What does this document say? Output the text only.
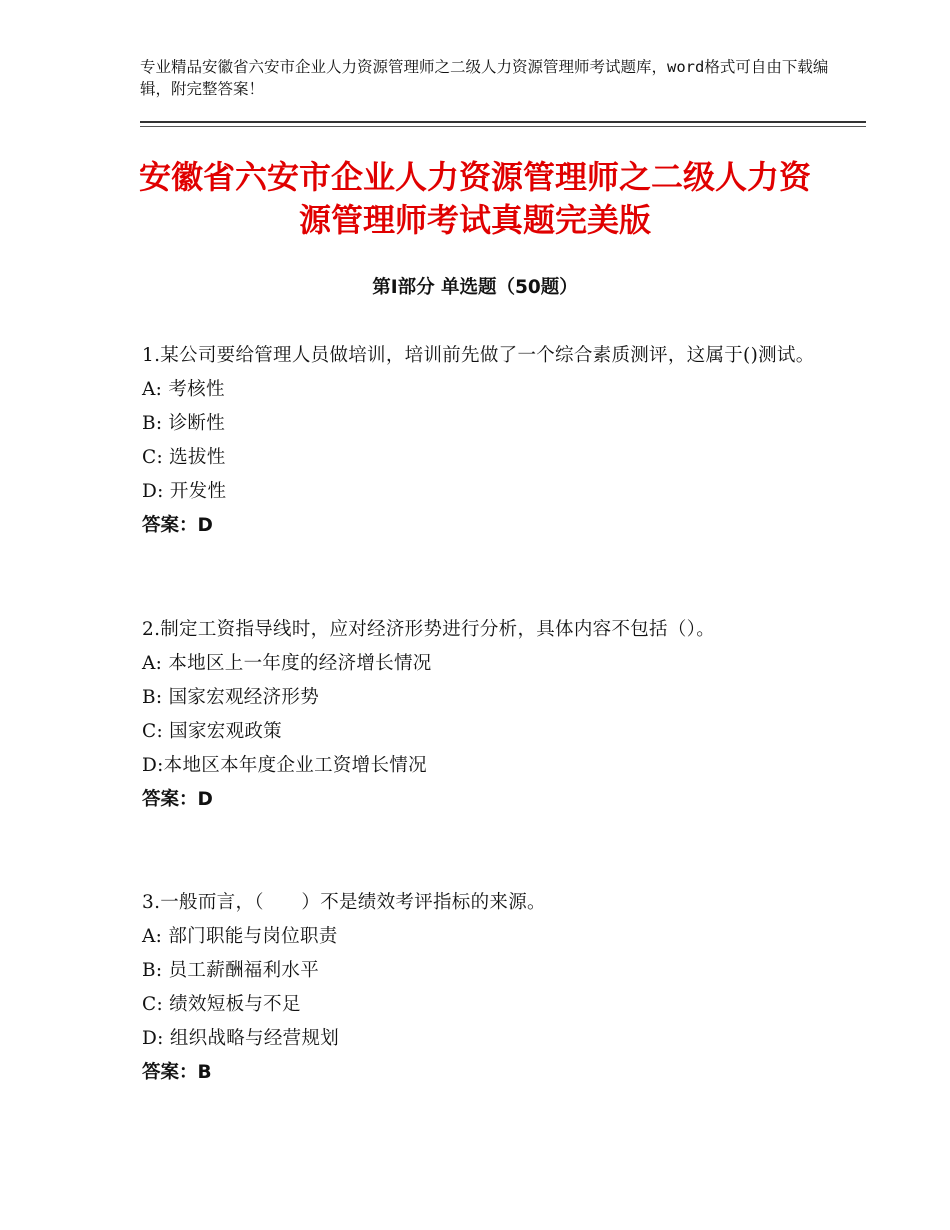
专业精品安徽省六安市企业人力资源管理师之二级人力资源管理师考试题库，word格式可自由下载编辑，附完整答案！
安徽省六安市企业人力资源管理师之二级人力资源管理师考试真题完美版
第Ⅰ部分 单选题（50题）
1.某公司要给管理人员做培训，培训前先做了一个综合素质测评，这属于()测试。
A: 考核性
B: 诊断性
C: 选拔性
D: 开发性
答案：D
2.制定工资指导线时，应对经济形势进行分析，具体内容不包括（）。
A: 本地区上一年度的经济增长情况
B: 国家宏观经济形势
C: 国家宏观政策
D:本地区本年度企业工资增长情况
答案：D
3.一般而言，（　　）不是绩效考评指标的来源。
A: 部门职能与岗位职责
B: 员工薪酬福利水平
C: 绩效短板与不足
D: 组织战略与经营规划
答案：B
